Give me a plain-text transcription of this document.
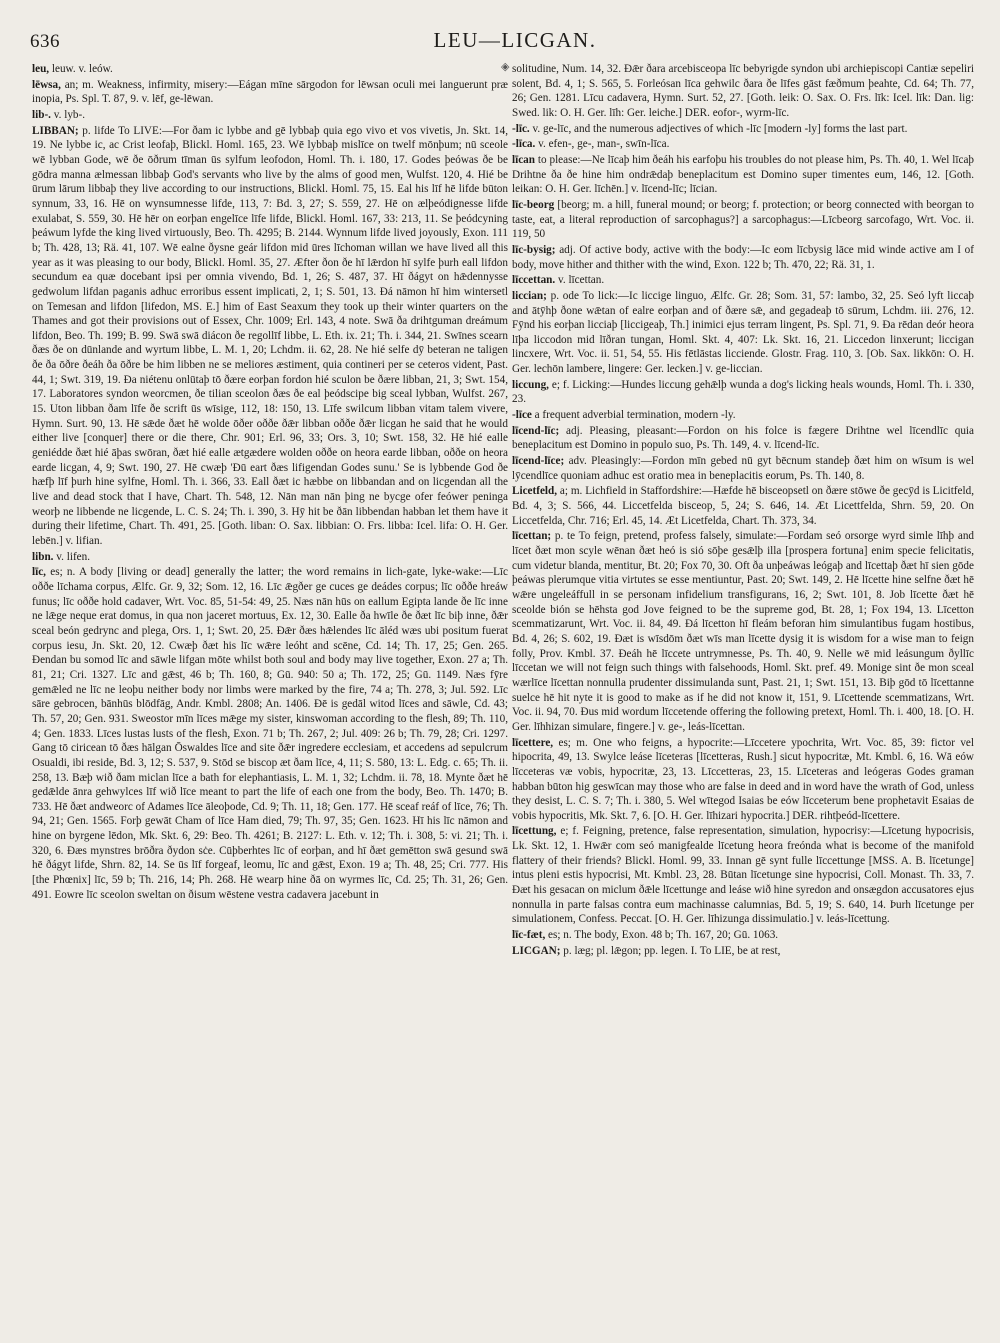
636	LEU—LICGAN.
◈

leu, leuw. v. leów.

lēwsa, an; m. Weakness, infirmity, misery:—Eágan mīne sārgodon for lēwsan oculi mei languerunt præ inopia, Ps. Spl. T. 87, 9. v. lēf, ge-lēwan.

lib-. v. lyb-.

LIBBAN; p. lifde To LIVE:—For ðam ic lybbe and gē lybbaþ quia ego vivo et vos vivetis, Jn. Skt. 14, 19. Ne lybbe ic, ac Crist leofaþ, Blickl. Homl. 165, 23. Wē lybbaþ mislīce on twelf mōnþum; nū sceole wē lybban Gode, wē ðe ōðrum tīman ūs sylfum leofodon, Homl. Th. i. 180, 17. Godes þeówas ðe be gōdra manna ælmessan libbaþ God's servants who live by the alms of good men, Wulfst. 120, 4. Hié be ūrum lārum libbaþ they live according to our instructions, Blickl. Homl. 75, 15. Eal his līf hē lifde būton synnum, 33, 16. Hē on wynsumnesse lifde, 113, 7: Bd. 3, 27; S. 559, 27. Hē on ælþeódignesse lifde exulabat, S. 559, 30. Hē hēr on eorþan engelīce līfe lifde, Blickl. Homl. 167, 33: 213, 11. Se þeódcyning þeáwum lyfde the king lived virtuously, Beo. Th. 4295; B. 2144. Wynnum lifde lived joyously, Exon. 111 b; Th. 428, 13; Rä. 41, 107. Wē ealne ðysne geár lifdon mid ūres līchoman willan we have lived all this year as it was pleasing to our body, Blickl. Homl. 35, 27. Æfter ðon ðe hī lǣrdon hī sylfe þurh eall lifdon secundum ea quæ docebant ipsi per omnia vivendo, Bd. 1, 26; S. 487, 37. Hī ðágyt on hǣdennysse gedwolum lifdan paganis adhuc erroribus essent implicati, 2, 1; S. 501, 13. Ðá nāmon hī him wintersetl on Temesan and lifdon [lifedon, MS. E.] him of East Seaxum they took up their winter quarters on the Thames and got their provisions out of Essex, Chr. 1009; Erl. 143, 4 note. Swā ða drihtguman dreámum lifdon, Beo. Th. 199; B. 99. Swā swā diácon ðe regollīf libbe, L. Eth. ix. 21; Th. i. 344, 21. Swīnes scearn ðæs ðe on dūnlande and wyrtum libbe, L. M. 1, 20; Lchdm. ii. 62, 28. Ne hié selfe dȳ beteran ne taligen ðe ða ōðre ðeáh ða ōðre be him libben ne se meliores æstiment, quia contineri per se ceteros vident, Past. 44, 1; Swt. 319, 19. Ða niétenu onlūtaþ tō ðære eorþan fordon hié sculon be ðære libban, 21, 3; Swt. 154, 17. Laboratores syndon weorcmen, ðe tilian sceolon ðæs ðe eal þeódscipe big sceal lybban, Wulfst. 267, 15. Uton libban ðam līfe ðe scrift ūs wīsige, 112, 18: 150, 13. Līfe swilcum libban vitam talem vivere, Hymn. Surt. 90, 13. Hē sǣde ðæt hē wolde ōðer oððe ðǣr libban oððe ðǣr licgan he said that he would either live [conquer] there or die there, Chr. 901; Erl. 96, 33; Ors. 3, 10; Swt. 158, 32. Hē hié ealle geniédde ðæt hié āþas swōran, ðæt hié ealle ætgædere wolden oððe on heora earde libban, oððe on heora earde licgan, 4, 9; Swt. 190, 27. Hē cwæþ 'Ðū eart ðæs lifigendan Godes sunu.' Se is lybbende God ðe hæfþ līf þurh hine sylfne, Homl. Th. i. 366, 33. Eall ðæt ic hæbbe on libbandan and on licgendan all the live and dead stock that I have, Chart. Th. 548, 12. Nān man nān þing ne bycge ofer feówer peninga weorþ ne libbende ne licgende, L. C. S. 24; Th. i. 390, 3. Hȳ hit be ðān libbendan habban let them have it during their lifetime, Chart. Th. 491, 25. [Goth. liban: O. Sax. libbian: O. Frs. libba: Icel. lifa: O. H. Ger. lebēn.] v. lifian.

libn. v. lifen.

līc, es; n. A body [living or dead] generally the latter; the word remains in lich-gate, lyke-wake:—Līc oððe līchama corpus, Ælfc. Gr. 9, 32; Som. 12, 16. Līc ǣgðer ge cuces ge deádes corpus; līc oððe hreáw funus; līc oððe hold cadaver, Wrt. Voc. 85, 51-54: 49, 25. Næs nān hūs on eallum Egipta lande ðe līc inne ne lǣge neque erat domus, in qua non jaceret mortuus, Ex. 12, 30. Ealle ða hwīle ðe ðæt līc biþ inne, ðǣr sceal beón gedrync and plega, Ors. 1, 1; Swt. 20, 25. Ðǣr ðæs hǣlendes līc āléd wæs ubi positum fuerat corpus iesu, Jn. Skt. 20, 12. Cwæþ ðæt his līc wǣre leóht and scēne, Cd. 14; Th. 17, 25; Gen. 265. Ðendan bu somod līc and sāwle lifgan mōte whilst both soul and body may live together, Exon. 27 a; Th. 81, 21; Cri. 1327. Līc and gǣst, 46 b; Th. 160, 8; Gū. 940: 50 a; Th. 172, 25; Gū. 1149. Næs fȳre gemǣled ne līc ne leoþu neither body nor limbs were marked by the fire, 74 a; Th. 278, 3; Jul. 592. Līc sāre gebrocen, bānhūs blōdfāg, Andr. Kmbl. 2808; An. 1406. Ðē is gedāl witod līces and sāwle, Cd. 43; Th. 57, 20; Gen. 931. Sweostor mīn līces mǣge my sister, kinswoman according to the flesh, 89; Th. 110, 4; Gen. 1833. Līces lustas lusts of the flesh, Exon. 71 b; Th. 267, 2; Jul. 409: 26 b; Th. 79, 28; Cri. 1297. Gang tō ciricean tō ðæs hālgan Ōswaldes līce and site ðǣr ingredere ecclesiam, et accedens ad sepulcrum Osualdi, ibi reside, Bd. 3, 12; S. 537, 9. Stōd se biscop æt ðam līce, 4, 11; S. 580, 13: L. Edg. c. 65; Th. ii. 258, 13. Bæþ wið ðam miclan līce a bath for elephantiasis, L. M. 1, 32; Lchdm. ii. 78, 18. Mynte ðæt hē gedǣlde ānra gehwylces līf wið līce meant to part the life of each one from the body, Beo. Th. 1470; B. 733. Hē ðæt andweorc of Adames līce āleoþode, Cd. 9; Th. 11, 18; Gen. 177. Hē sceaf reáf of līce, 76; Th. 94, 21; Gen. 1565. Forþ gewāt Cham of līce Ham died, 79; Th. 97, 35; Gen. 1623. Hī his līc nāmon and hine on byrgene lēdon, Mk. Skt. 6, 29: Beo. Th. 4261; B. 2127: L. Eth. v. 12; Th. i. 308, 5: vi. 21; Th. i. 320, 6. Ðæs mynstres brōðra ðydon sċe. Cūþberhtes līc of eorþan, and hī ðæt gemētton swā gesund swā hē ðágyt lifde, Shrn. 82, 14. Se ūs līf forgeaf, leomu, līc and gǣst, Exon. 19 a; Th. 48, 25; Cri. 777. His [the Phœnix] līc, 59 b; Th. 216, 14; Ph. 268. Hē wearp hine ðā on wyrmes līc, Cd. 25; Th. 31, 26; Gen. 491. Eowre līc sceolon sweltan on ðisum wēstene vestra cadavera jacebunt in

solitudine, Num. 14, 32. Ðǣr ðara arcebisceopa līc bebyrigde syndon ubi archiepiscopi Cantiæ sepeliri solent, Bd. 4, 1; S. 565, 5. Forleósan līca gehwilc ðara ðe līfes gāst fæðmum þeahte, Cd. 64; Th. 77, 26; Gen. 1281. Līcu cadavera, Hymn. Surt. 52, 27. [Goth. leik: O. Sax. O. Frs. līk: Icel. līk: Dan. lig: Swed. lik: O. H. Ger. līh: Ger. leiche.] DER. eofor-, wyrm-līc.

-līc. v. ge-līc, and the numerous adjectives of which -līc [modern -ly] forms the last part.

-līca. v. efen-, ge-, man-, swīn-līca.

līcan to please:—Ne līcaþ him ðeáh his earfoþu his troubles do not please him, Ps. Th. 40, 1. Wel līcaþ Drihtne ða ðe hine him ondrǣdaþ beneplacitum est Domino super timentes eum, 146, 12. [Goth. leikan: O. H. Ger. līchēn.] v. līcend-līc; līcian.

līc-beorg [beorg; m. a hill, funeral mound; or beorg; f. protection; or beorg connected with beorgan to taste, eat, a literal reproduction of sarcophagus?] a sarcophagus:—Līcbeorg sarcofago, Wrt. Voc. ii. 119, 50

līc-bysig; adj. Of active body, active with the body:—Ic eom līcbysig lāce mid winde active am I of body, move hither and thither with the wind, Exon. 122 b; Th. 470, 22; Rä. 31, 1.

līccettan. v. līcettan.

liccian; p. ode To lick:—Ic liccige linguo, Ælfc. Gr. 28; Som. 31, 57: lambo, 32, 25. Seó lyft liccaþ and ātȳhþ ðone wǣtan of ealre eorþan and of ðære sǣ, and gegadeaþ tō sūrum, Lchdm. iii. 276, 12. Fȳnd his eorþan licciaþ [liccigeaþ, Th.] inimici ejus terram lingent, Ps. Spl. 71, 9. Ða rēdan deór heora līþa liccodon mid līðran tungan, Homl. Skt. 4, 407: Lk. Skt. 16, 21. Liccedon linxerunt; liccigan lincxere, Wrt. Voc. ii. 51, 54, 55. His fētlāstas licciende. Glostr. Frag. 110, 3. [Ob. Sax. likkōn: O. H. Ger. lechōn lambere, lingere: Ger. lecken.] v. ge-liccian.

liccung, e; f. Licking:—Hundes liccung gehǣlþ wunda a dog's licking heals wounds, Homl. Th. i. 330, 23.

-līce a frequent adverbial termination, modern -ly.

līcend-līc; adj. Pleasing, pleasant:—Fordon on his folce is fægere Drihtne wel līcendlīc quia beneplacitum est Domino in populo suo, Ps. Th. 149, 4. v. līcend-līc.

līcend-līce; adv. Pleasingly:—Fordon mīn gebed nū gyt bēcnum standeþ ðæt him on wīsum is wel lȳcendlīce quoniam adhuc est oratio mea in beneplacitis eorum, Ps. Th. 140, 8.

Licetfeld, a; m. Lichfield in Staffordshire:—Hæfde hē bisceopsetl on ðære stōwe ðe gecȳd is Licitfeld, Bd. 4, 3; S. 566, 44. Liccetfelda bisceop, 5, 24; S. 646, 14. Æt Licettfelda, Shrn. 59, 20. On Liccetfelda, Chr. 716; Erl. 45, 14. Æt Licetfelda, Chart. Th. 373, 34.

līcettan; p. te To feign, pretend, profess falsely, simulate:—Fordam seó orsorge wyrd simle līhþ and līcet ðæt mon scyle wēnan ðæt heó is sió sōþe gesǣlþ illa [prospera fortuna] enim specie felicitatis, cum videtur blanda, mentitur, Bt. 20; Fox 70, 30. Oft ða unþeáwas leógaþ and līcettaþ ðæt hī sien gōde þeáwas plerumque vitia virtutes se esse mentiuntur, Past. 20; Swt. 149, 2. Hē līcette hine selfne ðæt hē wǣre ungeleáffull in se personam infidelium transfigurans, 16, 2; Swt. 101, 8. Job līcette ðæt hē sceolde bión se hēhsta god Jove feigned to be the supreme god, Bt. 28, 1; Fox 194, 13. Līcetton scemmatizarunt, Wrt. Voc. ii. 84, 49. Ðá līcetton hī fleám beforan him simulantibus fugam hostibus, Bd. 4, 26; S. 602, 19. Ðæt is wīsdōm ðæt wīs man līcette dysig it is wisdom for a wise man to feign folly, Prov. Kmbl. 37. Ðeáh hē līccete untrymnesse, Ps. Th. 40, 9. Nelle wē mid leásungum ðyllīc līccetan we will not feign such things with falsehoods, Homl. Skt. pref. 49. Monige sint ðe mon sceal wærlīce līcettan nonnulla prudenter dissimulanda sunt, Past. 21, 1; Swt. 151, 13. Biþ gōd tō līcettanne suelce hē hit nyte it is good to make as if he did not know it, 151, 9. Līcettende scemmatizans, Wrt. Voc. ii. 94, 70. Ðus mid wordum līccetende offering the following pretext, Homl. Th. i. 400, 18. [O. H. Ger. līhhizan simulare, fingere.] v. ge-, leás-līcettan.

līcettere, es; m. One who feigns, a hypocrite:—Līccetere ypochrita, Wrt. Voc. 85, 39: fictor vel hipocrita, 49, 13. Swylce leáse līceteras [līcetteras, Rush.] sicut hypocritæ, Mt. Kmbl. 6, 16. Wā eów līcceteras væ vobis, hypocritæ, 23, 13. Līccetteras, 23, 15. Līceteras and leógeras Godes graman habban būton hig geswīcan may those who are false in deed and in word have the wrath of God, unless they desist, L. C. S. 7; Th. i. 380, 5. Wel wītegod Isaias be eów līcceterum bene prophetavit Esaias de vobis hypocritis, Mk. Skt. 7, 6. [O. H. Ger. līhizari hypocrita.] DER. rihtþeód-līcettere.

līcettung, e; f. Feigning, pretence, false representation, simulation, hypocrisy:—Līcetung hypocrisis, Lk. Skt. 12, 1. Hwǣr com seó manigfealde līcetung heora freónda what is become of the manifold flattery of their friends? Blickl. Homl. 99, 33. Innan gē synt fulle līccettunge [MSS. A. B. līcetunge] intus pleni estis hypocrisi, Mt. Kmbl. 23, 28. Būtan līcetunge sine hypocrisi, Coll. Monast. Th. 33, 7. Ðæt his gesacan on miclum ðǣle līcettunge and leáse wið hine syredon and onsægdon accusatores ejus nonnulla in parte falsas contra eum machinasse calumnias, Bd. 5, 19; S. 640, 14. Þurh līcetunge per simulationem, Confess. Peccat. [O. H. Ger. līhizunga dissimulatio.] v. leás-līcettung.

līc-fæt, es; n. The body, Exon. 48 b; Th. 167, 20; Gū. 1063.

LICGAN; p. læg; pl. lǣgon; pp. legen. I. To LIE, be at rest,
